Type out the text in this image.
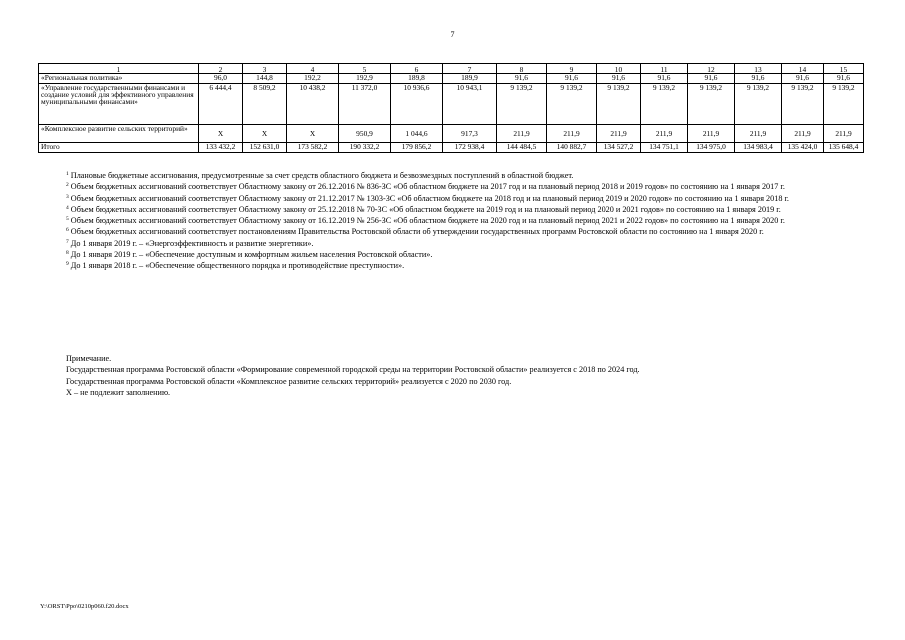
7
1	2	3	4	5	6	7	8	9	10	11	12	13	14	15
«Региональная политика»	96,0	144,8	192,2	192,9	189,8	189,9	91,6	91,6	91,6	91,6	91,6	91,6	91,6	91,6
«Управление государственными финансами и создание условий для эффективного управления муниципальными финансами»	6 444,4	8 509,2	10 438,2	11 372,0	10 936,6	10 943,1	9 139,2	9 139,2	9 139,2	9 139,2	9 139,2	9 139,2	9 139,2	9 139,2
«Комплексное развитие сельских территорий»	Х	Х	Х	950,9	1 044,6	917,3	211,9	211,9	211,9	211,9	211,9	211,9	211,9	211,9
Итого	133 432,2	152 631,0	173 582,2	190 332,2	179 856,2	172 938,4	144 484,5	140 882,7	134 527,2	134 751,1	134 975,0	134 983,4	135 424,0	135 648,4

$^1$ Плановые бюджетные ассигнования, предусмотренные за счет средств областного бюджета и безвозмездных поступлений в областной бюджет.

$^2$ Объем бюджетных ассигнований соответствует Областному закону от 26.12.2016 № 836-ЗС «Об областном бюджете на 2017 год и на плановый период 2018 и 2019 годов» по состоянию на 1 января 2017 г.

$^3$ Объем бюджетных ассигнований соответствует Областному закону от 21.12.2017 № 1303-ЗС «Об областном бюджете на 2018 год и на плановый период 2019 и 2020 годов» по состоянию на 1 января 2018 г.

$^4$ Объем бюджетных ассигнований соответствует Областному закону от 25.12.2018 № 70-ЗС «Об областном бюджете на 2019 год и на плановый период 2020 и 2021 годов» по состоянию на 1 января 2019 г.

$^5$ Объем бюджетных ассигнований соответствует Областному закону от 16.12.2019 № 256-ЗС «Об областном бюджете на 2020 год и на плановый период 2021 и 2022 годов» по состоянию на 1 января 2020 г.

$^6$ Объем бюджетных ассигнований соответствует постановлениям Правительства Ростовской области об утверждении государственных программ Ростовской области по состоянию на 1 января 2020 г.

$^7$ До 1 января 2019 г. – «Энергоэффективность и развитие энергетики».

$^8$ До 1 января 2019 г. – «Обеспечение доступным и комфортным жильем населения Ростовской области».

$^9$ До 1 января 2018 г. – «Обеспечение общественного порядка и противодействие преступности».

Примечание.

Государственная программа Ростовской области «Формирование современной городской среды на территории Ростовской области» реализуется с 2018 по 2024 год.

Государственная программа Ростовской области «Комплексное развитие сельских территорий» реализуется с 2020 по 2030 год.

Х – не подлежит заполнению.

Y:\ORST\Ppo\0210p060.f20.docx
